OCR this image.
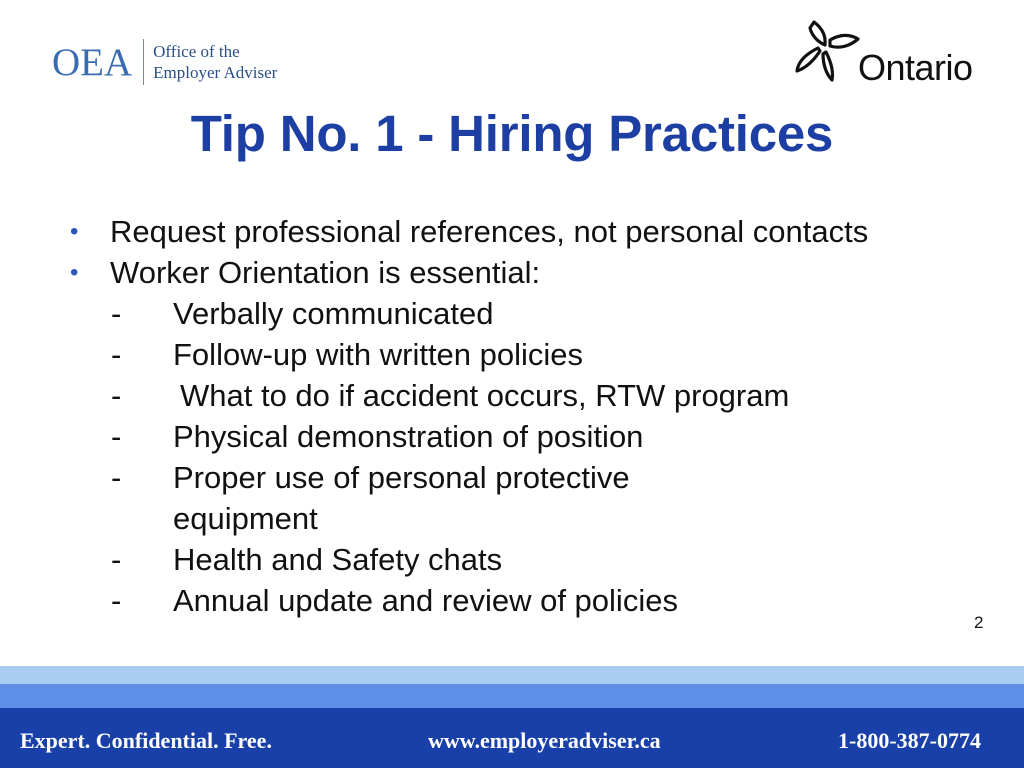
OEA Office of the
Employer Adviser	Ontario
Tip No. 1 - Hiring Practices
• Request professional references, not personal contacts
• Worker Orientation is essential:
- Verbally communicated
- Follow-up with written policies
- What to do if accident occurs, RTW program
- Physical demonstration of position
- Proper use of personal protective
equipment
- Health and Safety chats
- Annual update and review of policies
2
Expert. Confidential. Free.	www.employeradviser.ca	1-800-387-0774
